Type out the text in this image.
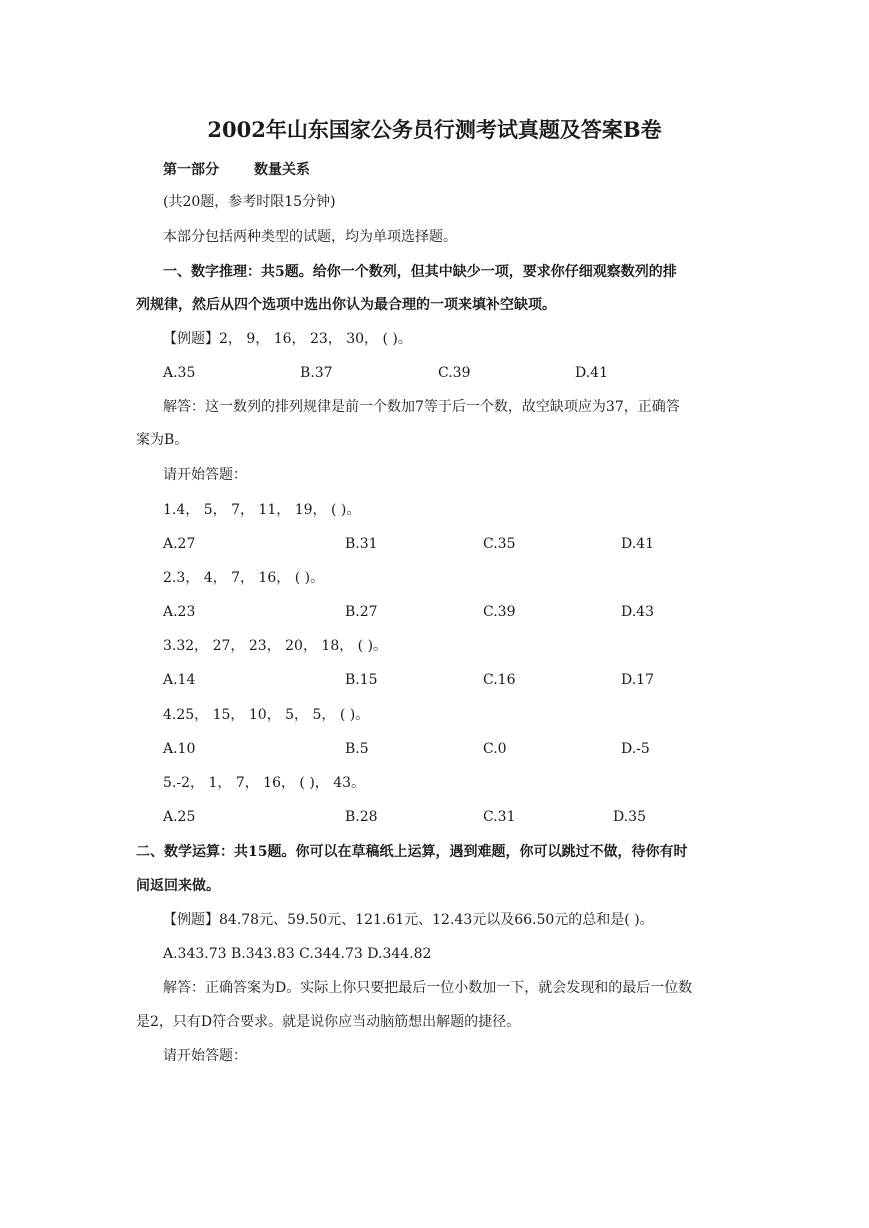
2002年山东国家公务员行测考试真题及答案B卷
第一部分	数量关系
(共20题，参考时限15分钟)
本部分包括两种类型的试题，均为单项选择题。
一、数字推理：共5题。给你一个数列，但其中缺少一项，要求你仔细观察数列的排
列规律，然后从四个选项中选出你认为最合理的一项来填补空缺项。
【例题】2， 9， 16， 23， 30， ( )。
A.35	B.37	C.39	D.41
解答：这一数列的排列规律是前一个数加7等于后一个数，故空缺项应为37，正确答
案为B。
请开始答题：
1.4， 5， 7， 11， 19， ( )。
A.27	B.31	C.35	D.41
2.3， 4， 7， 16， ( )。
A.23	B.27	C.39	D.43
3.32， 27， 23， 20， 18， ( )。
A.14	B.15	C.16	D.17
4.25， 15， 10， 5， 5， ( )。
A.10	B.5	C.0	D.-5
5.-2， 1， 7， 16， ( )， 43。
A.25	B.28	C.31	D.35
二、数学运算：共15题。你可以在草稿纸上运算，遇到难题，你可以跳过不做，待你有时
间返回来做。
【例题】84.78元、59.50元、121.61元、12.43元以及66.50元的总和是( )。
A.343.73 B.343.83 C.344.73 D.344.82
解答：正确答案为D。实际上你只要把最后一位小数加一下，就会发现和的最后一位数
是2，只有D符合要求。就是说你应当动脑筋想出解题的捷径。
请开始答题：
